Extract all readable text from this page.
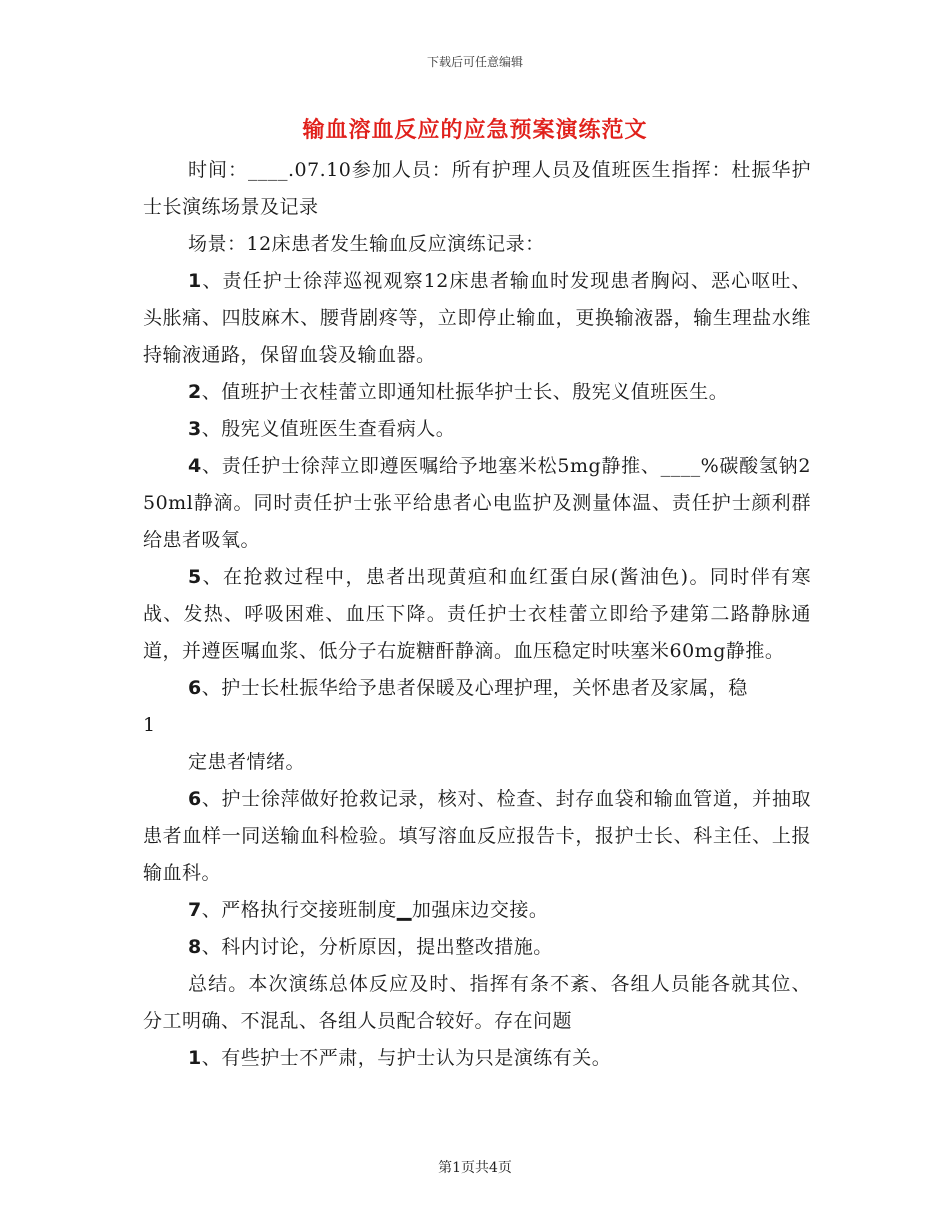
下载后可任意编辑
输血溶血反应的应急预案演练范文

时间：____.07.10参加人员：所有护理人员及值班医生指挥：杜振华护士长演练场景及记录

场景：12床患者发生输血反应演练记录：

1、责任护士徐萍巡视观察12床患者输血时发现患者胸闷、恶心呕吐、头胀痛、四肢麻木、腰背剧疼等，立即停止输血，更换输液器，输生理盐水维持输液通路，保留血袋及输血器。

2、值班护士衣桂蕾立即通知杜振华护士长、殷宪义值班医生。

3、殷宪义值班医生查看病人。

4、责任护士徐萍立即遵医嘱给予地塞米松5mg静推、____%碳酸氢钠250ml静滴。同时责任护士张平给患者心电监护及测量体温、责任护士颜利群给患者吸氧。

5、在抢救过程中，患者出现黄疸和血红蛋白尿(酱油色)。同时伴有寒战、发热、呼吸困难、血压下降。责任护士衣桂蕾立即给予建第二路静脉通道，并遵医嘱血浆、低分子右旋糖酐静滴。血压稳定时呋塞米60mg静推。

6、护士长杜振华给予患者保暖及心理护理，关怀患者及家属，稳

1

定患者情绪。

6、护士徐萍做好抢救记录，核对、检查、封存血袋和输血管道，并抽取患者血样一同送输血科检验。填写溶血反应报告卡，报护士长、科主任、上报输血科。

7、严格执行交接班制度▁加强床边交接。

8、科内讨论，分析原因，提出整改措施。

总结。本次演练总体反应及时、指挥有条不紊、各组人员能各就其位、分工明确、不混乱、各组人员配合较好。存在问题

1、有些护士不严肃，与护士认为只是演练有关。

第1页共4页
